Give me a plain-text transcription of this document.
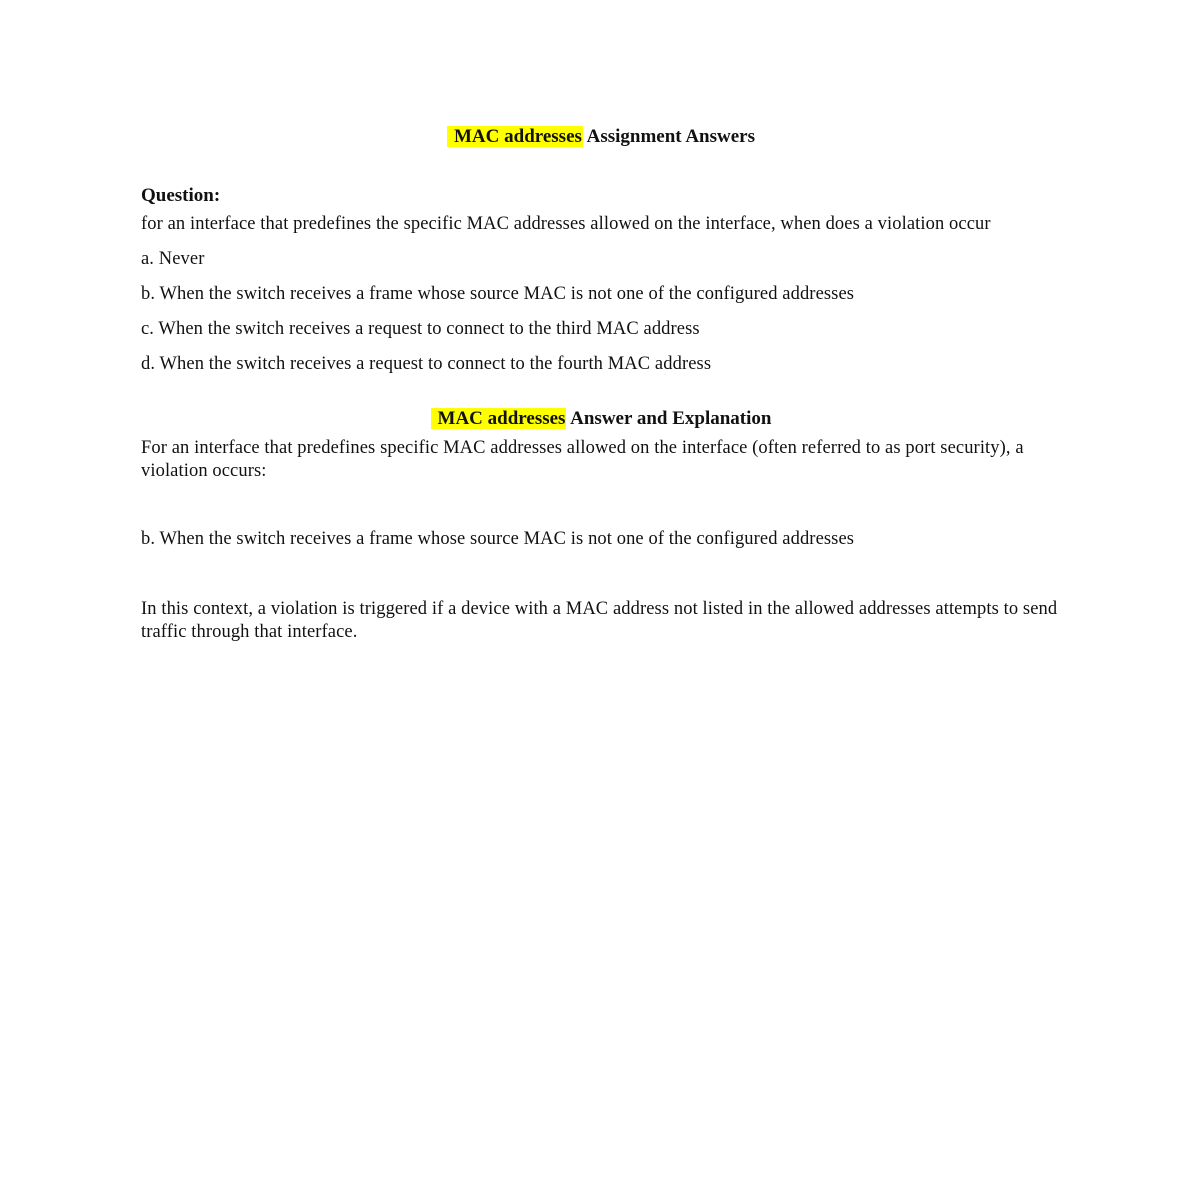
MAC addresses Assignment Answers

Question:

for an interface that predefines the specific MAC addresses allowed on the interface, when does a violation occur

a. Never

b. When the switch receives a frame whose source MAC is not one of the configured addresses

c. When the switch receives a request to connect to the third MAC address

d. When the switch receives a request to connect to the fourth MAC address

MAC addresses Answer and Explanation

For an interface that predefines specific MAC addresses allowed on the interface (often referred to as port security), a violation occurs:

b. When the switch receives a frame whose source MAC is not one of the configured addresses

In this context, a violation is triggered if a device with a MAC address not listed in the allowed addresses attempts to send traffic through that interface.
